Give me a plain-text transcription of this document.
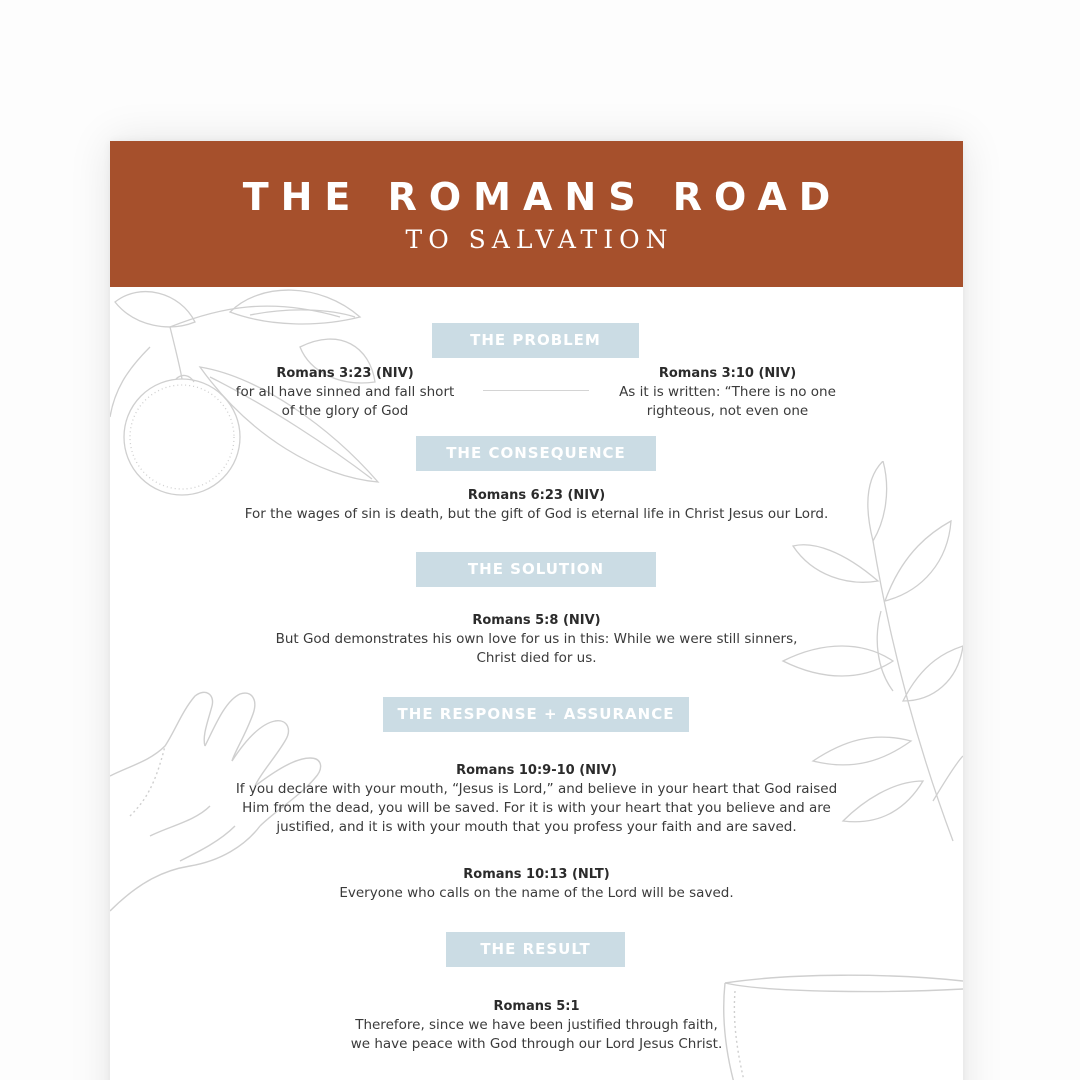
THE ROMANS ROAD
TO SALVATION
THE PROBLEM
Romans 3:23 (NIV)
for all have sinned and fall short
of the glory of God
Romans 3:10 (NIV)
As it is written: “There is no one
righteous, not even one
THE CONSEQUENCE
Romans 6:23 (NIV)
For the wages of sin is death, but the gift of God is eternal life in Christ Jesus our Lord.
THE SOLUTION
Romans 5:8 (NIV)
But God demonstrates his own love for us in this: While we were still sinners,
Christ died for us.
THE RESPONSE + ASSURANCE
Romans 10:9-10 (NIV)
If you declare with your mouth, “Jesus is Lord,” and believe in your heart that God raised
Him from the dead, you will be saved. For it is with your heart that you believe and are
justified, and it is with your mouth that you profess your faith and are saved.
Romans 10:13 (NLT)
Everyone who calls on the name of the Lord will be saved.
THE RESULT
Romans 5:1
Therefore, since we have been justified through faith,
we have peace with God through our Lord Jesus Christ.
